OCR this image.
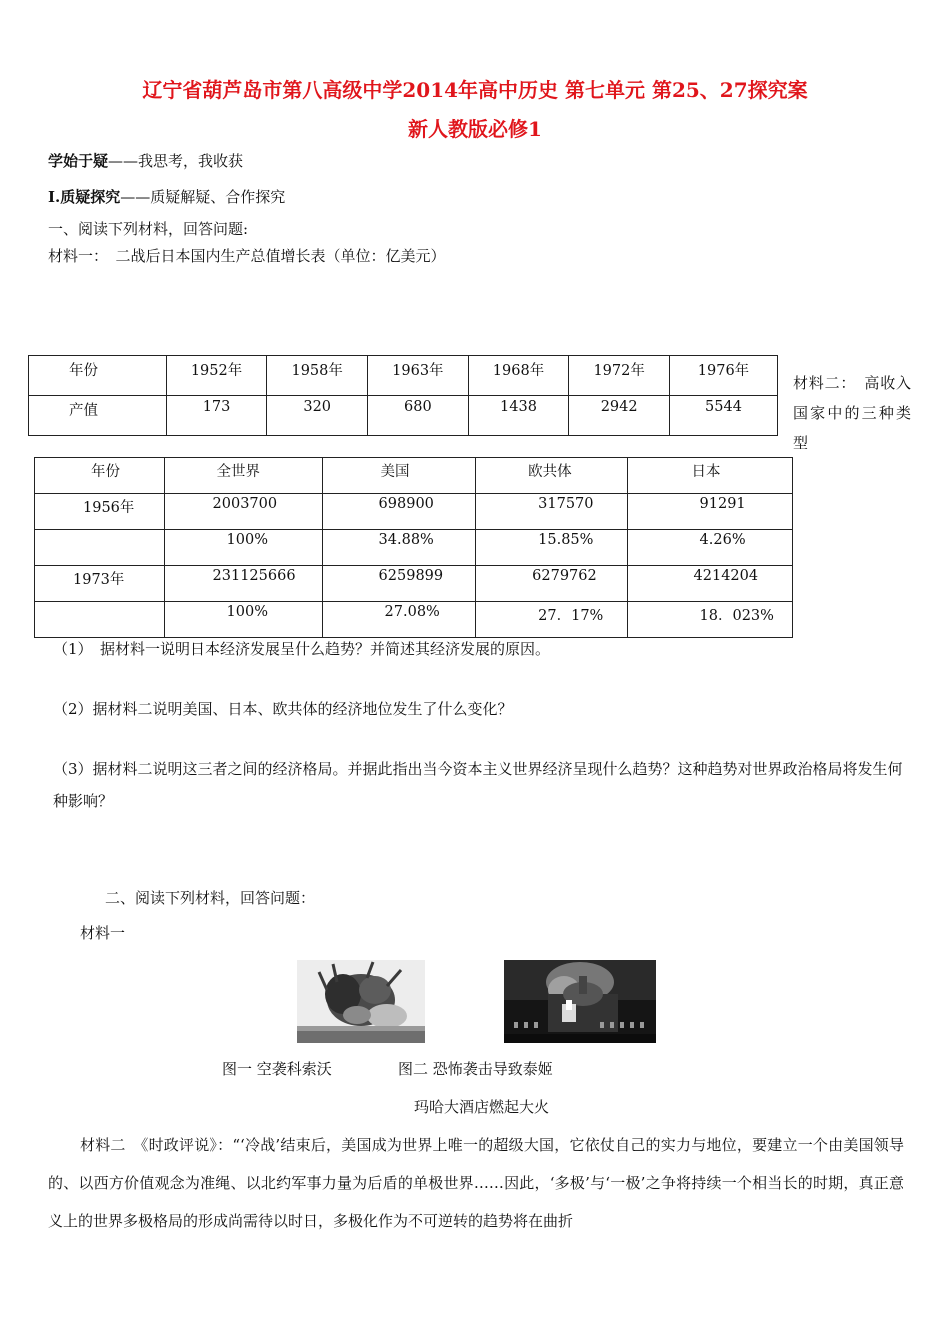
辽宁省葫芦岛市第八高级中学2014年高中历史 第七单元 第25、27探究案
新人教版必修1
学始于疑——我思考，我收获
Ⅰ.质疑探究——质疑解疑、合作探究
一、阅读下列材料，回答问题:
材料一：　二战后日本国内生产总值增长表（单位：亿美元）
年份	1952年	1958年	1963年	1968年	1972年	1976年
产值	173	320	680	1438	2942	5544
材料二：　高收入国家中的三种类型
年份	全世界	美国	欧共体	日本
1956年	2003700	698900	317570	91291
	100%	34.88%	15.85%	4.26%
1973年	231125666	6259899	6279762	4214204
	100%	27.08%	27．17%	18．023%
（1）　据材料一说明日本经济发展呈什么趋势？并简述其经济发展的原因。
（2）据材料二说明美国、日本、欧共体的经济地位发生了什么变化？
（3）据材料二说明这三者之间的经济格局。并据此指出当今资本主义世界经济呈现什么趋势？这种趋势对世界政治格局将发生何种影响？
二、阅读下列材料，回答问题：
材料一
图一 空袭科索沃	图二 恐怖袭击导致泰姬
玛哈大酒店燃起大火
材料二　《时政评说》：“‘冷战’结束后，美国成为世界上唯一的超级大国，它依仗自己的实力与地位，要建立一个由美国领导的、以西方价值观念为准绳、以北约军事力量为后盾的单极世界……因此，‘多极’与‘一极’之争将持续一个相当长的时期，真正意义上的世界多极格局的形成尚需待以时日，多极化作为不可逆转的趋势将在曲折
